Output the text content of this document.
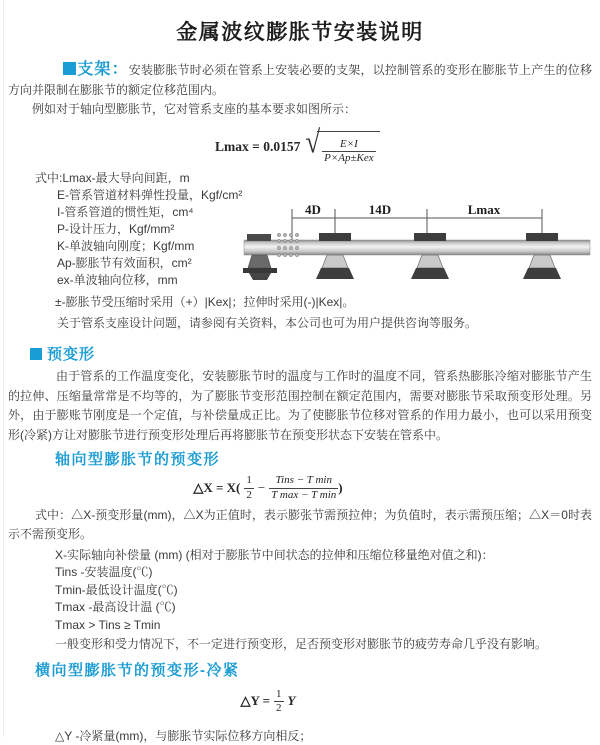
金属波纹膨胀节安装说明

支架：安装膨胀节时必须在管系上安装必要的支架，以控制管系的变形在膨胀节上产生的位移方向并限制在膨胀节的额定位移范围内。

例如对于轴向型膨胀节，它对管系支座的基本要求如图所示：

Lmax = 0.0157 √ $\frac{E\times I}{\text{P×Ap±Kex}}$
式中:Lmax-最大导向间距，m
E-管系管道材料弹性投量，Kgf/cm²
I-管系管道的惯性矩，cm⁴
P-设计压力，Kgf/mm²
K-单波轴向刚度；Kgf/mm
Ap-膨胀节有效面积，cm²
ex-单波轴向位移，mm
±-膨胀节受压缩时采用（+）|Kex|；拉伸时采用(-)|Kex|。
关于管系支座设计问题，请参阅有关资料，本公司也可为用户提供咨询等服务。
4D	14D	Lmax
预变形

由于管系的工作温度变化，安装膨胀节时的温度与工作时的温度不同，管系热膨胀冷缩对膨胀节产生的拉伸、压缩量常常是不均等的，为了膨胀节变形范围控制在额定范围内，需要对膨胀节采取预变形处理。另外，由于膨账节刚度是一个定值，与补偿量成正比。为了使膨胀节位移对管系的作用力最小，也可以采用预变形(冷紧)方让对膨胀节进行预变形处理后再将膨胀节在预变形状态下安装在管系中。

轴向型膨胀节的预变形
△X = $X( \frac{1}{2} - \frac{\text{Tins − T min}}{\text{T max − T min}}$ )

式中：△X-预变形量(mm)，△X为正值时，表示膨张节需预拉伸；为负值时，表示需预压缩；△X＝0时表示不需预变形。

X-实际轴向补偿量 (mm) (相对于膨胀节中间状态的拉伸和压缩位移量绝对值之和)：
Tins -安装温度(℃)
Tmin-最低设计温度(℃)
Tmax -最高设计温 (℃)
Tmax > Tins ≥ Tmin
一般变形和受力情况下，不一定进行预变形，足否预变形对膨胀节的疲劳寿命几乎没有影响。
横向型膨胀节的预变形-冷紧
△Y = $\frac{1}{2}$ Y
△Y -冷紧量(mm)，与膨胀节实际位移方向相反；
